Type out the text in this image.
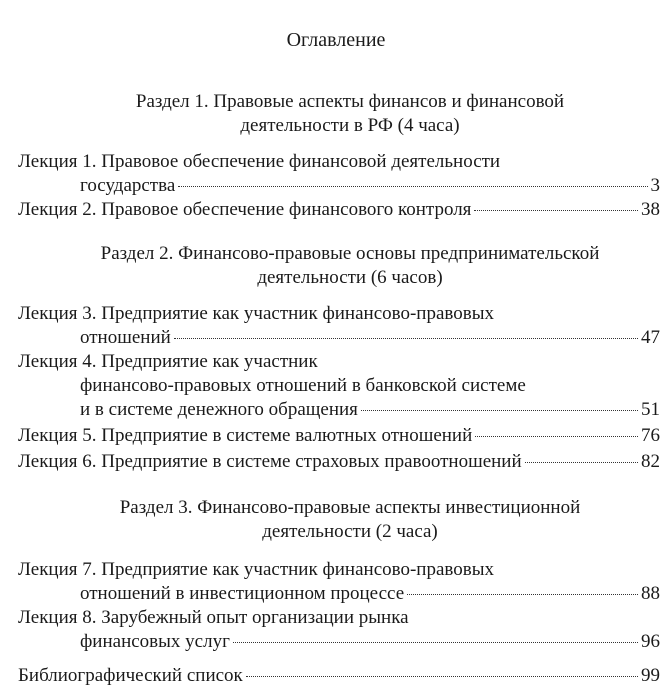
Оглавление
Раздел 1. Правовые аспекты финансов и финансовой
деятельности в РФ (4 часа)
Лекция 1. Правовое обеспечение финансовой деятельности
государства	3
Лекция 2. Правовое обеспечение финансового контроля	38
Раздел 2. Финансово-правовые основы предпринимательской
деятельности (6 часов)
Лекция 3. Предприятие как участник финансово-правовых
отношений	47
Лекция 4. Предприятие как участник
финансово-правовых отношений в банковской системе
и в системе денежного обращения	51
Лекция 5. Предприятие в системе валютных отношений	76
Лекция 6. Предприятие в системе страховых правоотношений	82
Раздел 3. Финансово-правовые аспекты инвестиционной
деятельности (2 часа)
Лекция 7. Предприятие как участник финансово-правовых
отношений в инвестиционном процессе	88
Лекция 8. Зарубежный опыт организации рынка
финансовых услуг	96
Библиографический список	99
